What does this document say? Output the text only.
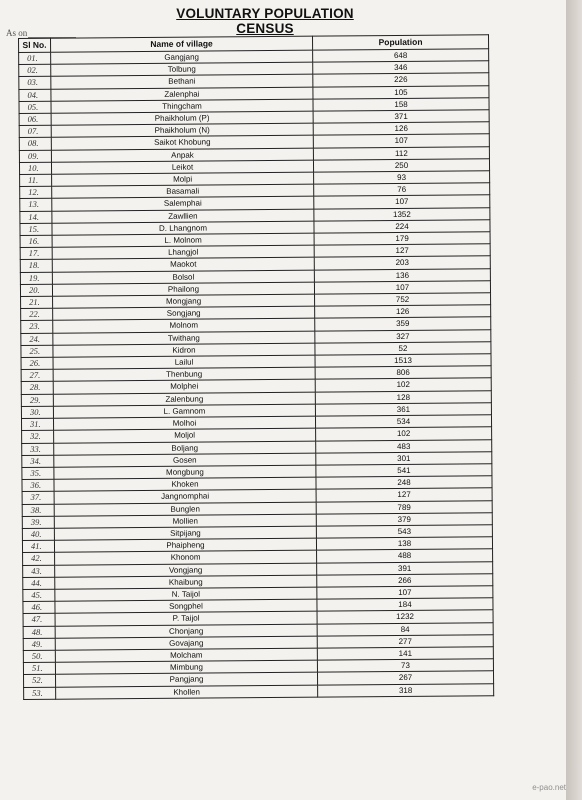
VOLUNTARY POPULATION CENSUS
As on
Sl No.	Name of village	Population
01.	Gangjang	648
02.	Tolbung	346
03.	Bethani	226
04.	Zalenphai	105
05.	Thingcham	158
06.	Phaikholum (P)	371
07.	Phaikholum (N)	126
08.	Saikot Khobung	107
09.	Anpak	112
10.	Leikot	250
11.	Molpi	93
12.	Basamali	76
13.	Salemphai	107
14.	Zawllien	1352
15.	D. Lhangnom	224
16.	L. Molnom	179
17.	Lhangjol	127
18.	Maokot	203
19.	Bolsol	136
20.	Phailong	107
21.	Mongjang	752
22.	Songjang	126
23.	Molnom	359
24.	Twithang	327
25.	Kidron	52
26.	Lailul	1513
27.	Thenbung	806
28.	Molphei	102
29.	Zalenbung	128
30.	L. Gamnom	361
31.	Molhoi	534
32.	Moljol	102
33.	Boljang	483
34.	Gosen	301
35.	Mongbung	541
36.	Khoken	248
37.	Jangnomphai	127
38.	Bunglen	789
39.	Mollien	379
40.	Sitpijang	543
41.	Phaipheng	138
42.	Khonom	488
43.	Vongjang	391
44.	Khaibung	266
45.	N. Taijol	107
46.	Songphel	184
47.	P. Taijol	1232
48.	Chonjang	84
49.	Govajang	277
50.	Molcham	141
51.	Mimbung	73
52.	Pangjang	267
53.	Khollen	318
e-pao.net
